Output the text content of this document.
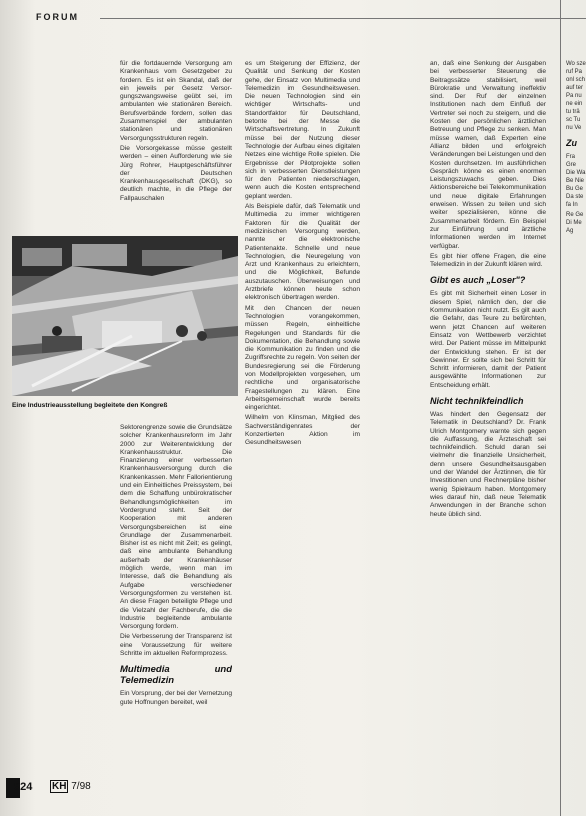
FORUM

für die fortdauernde Versorgung am Krankenhaus vom Gesetzgeber zu fordern. Es ist ein Skandal, daß der ein jeweils per Gesetz Versor-gungszwangsweise geübt sei, im ambulanten wie stationären Bereich. Berufsverbände fordern, sollen das Zusammenspiel der ambulanten stationären und stationären Versorgungsstrukturen regeln.

Die Vorsorgekasse müsse gestellt werden – einen Aufforderung wie sie Jürg Rohrer, Hauptgeschäftsführer der Deutschen Krankenhausgesellschaft (DKG), so deutlich machte, in die Pflege der Fallpauschalen

Eine Industrieausstellung begleitete den Kongreß

Sektorengrenze sowie die Grundsätze solcher Krankenhausreform im Jahr 2000 zur Weiterentwicklung der Krankenhausstruktur. Die Finanzierung einer verbesserten Krankenhausversorgung durch die Krankenkassen. Mehr Fallorientierung und ein Einheitliches Preissystem, bei dem die Schaffung unbürokratischer Behandlungsmöglichkeiten im Vordergrund steht. Seit der Kooperation mit anderen Versorgungsbereichen ist eine Grundlage der Zusammenarbeit. Bisher ist es nicht mit Zeit; es gelingt, daß eine ambulante Behandlung außerhalb der Krankenhäuser möglich werde, wenn man im Interesse, daß die Behandlung als Aufgabe verschiedener Versorgungsformen zu verstehen ist. An diese Fragen beteiligte Pflege und die Vielzahl der Fachberufe, die die Industrie begleitende ambulante Versorgung fordern.

Die Verbesserung der Transparenz ist eine Voraussetzung für weitere Schritte im aktuellen Reformprozess.

Multimedia und Telemedizin

Ein Vorsprung, der bei der Vernetzung gute Hoffnungen bereitet, weil

es um Steigerung der Effizienz, der Qualität und Senkung der Kosten gehe, der Einsatz von Multimedia und Telemedizin im Gesundheitswesen. Die neuen Technologien sind ein wichtiger Wirtschafts- und Standortfaktor für Deutschland, betonte bei der Messe die Wirtschaftsvertretung. In Zukunft müsse bei der Nutzung dieser Technologie der Aufbau eines digitalen Netzes eine wichtige Rolle spielen. Die Ergebnisse der Pilotprojekte sollen sich in verbesserten Dienstleistungen für den Patienten niederschlagen, wenn auch die Kosten entsprechend geplant werden.

Als Beispiele dafür, daß Telematik und Multimedia zu immer wichtigeren Faktoren für die Qualität der medizinischen Versorgung werden, nannte er die elektronische Patientenakte. Schnelle und neue Technologien, die Neuregelung von Arzt und Krankenhaus zu erleichtern, und die Möglichkeit, Befunde auszutauschen. Überweisungen und Arztbriefe können heute schon elektronisch übertragen werden.

Mit den Chancen der neuen Technologien vorangekommen, müssen Regeln, einheitliche Regelungen und Standards für die Dokumentation, die Behandlung sowie die Kommunikation zu finden und die Zugriffsrechte zu regeln. Von seiten der Bundesregierung sei die Förderung von Modellprojekten vorgesehen, um rechtliche und organisatorische Fragestellungen zu klären. Eine Arbeitsgemeinschaft wurde bereits eingerichtet.

Wilhelm von Klinsman, Mitglied des Sachverständigenrates der Konzertierten Aktion im Gesundheitswesen

an, daß eine Senkung der Ausgaben bei verbesserter Steuerung die Beitragssätze stabilisiert, weil Bürokratie und Verwaltung ineffektiv sind. Der Ruf der einzelnen Institutionen nach dem Einfluß der Vertreter sei noch zu steigern, und die Kosten der persönlichen ärztlichen Betreuung und Pflege zu senken. Man müsse warnen, daß Experten eine Allianz bilden und erfolgreich Veränderungen bei Leistungen und den Kosten durchsetzen. Im ausführlichen Gespräch könne es einen enormen Leistungszuwachs geben. Dies Aktionsbereiche bei Telekommunikation und neue digitale Erfahrungen erweisen. Wissen zu teilen und sich weiter spezialisieren, könne die Zusammenarbeit fördern. Ein Beispiel zur Einführung und ärztliche Informationen werden im Internet verfügbar.

Es gibt hier offene Fragen, die eine Telemedizin in der Zukunft klären wird.

Gibt es auch „Loser"?

Es gibt mit Sicherheit einen Loser in diesem Spiel, nämlich den, der die Kommunikation nicht nutzt. Es gilt auch die Gefahr, das Teure zu befürchten, wenn jetzt Chancen auf weiteren Einsatz von Wettbewerb verzichtet wird. Der Patient müsse im Mittelpunkt der Entwicklung stehen. Er ist der Gewinner. Er sollte sich bei Schritt für Schritt informieren, damit der Patient ausgewählte Informationen zur Entscheidung erhält.

Nicht technikfeindlich

Was hindert den Gegensatz der Telematik in Deutschland? Dr. Frank Ulrich Montgomery warnte sich gegen die Auffassung, die Ärzteschaft sei technikfeindlich. Schuld daran sei vielmehr die finanzielle Unsicherheit, denn unsere Gesundheitsausgaben und der Wandel der Ärztinnen, die für Investitionen und Rechnerpläne bisher wenig Spielraum haben. Montgomery wies darauf hin, daß neue Telematik Anwendungen in der Branche schon heute üblich sind.

Wo sze ruf Pa onl sch auf ter Pa nu ne ein tu trä sc Tu nu Ve

Zu

Fra Gre Die Wa Be Nie Bu Ge Da ste fa In

Re Ge Di Me Ag

524 KH 7/98
